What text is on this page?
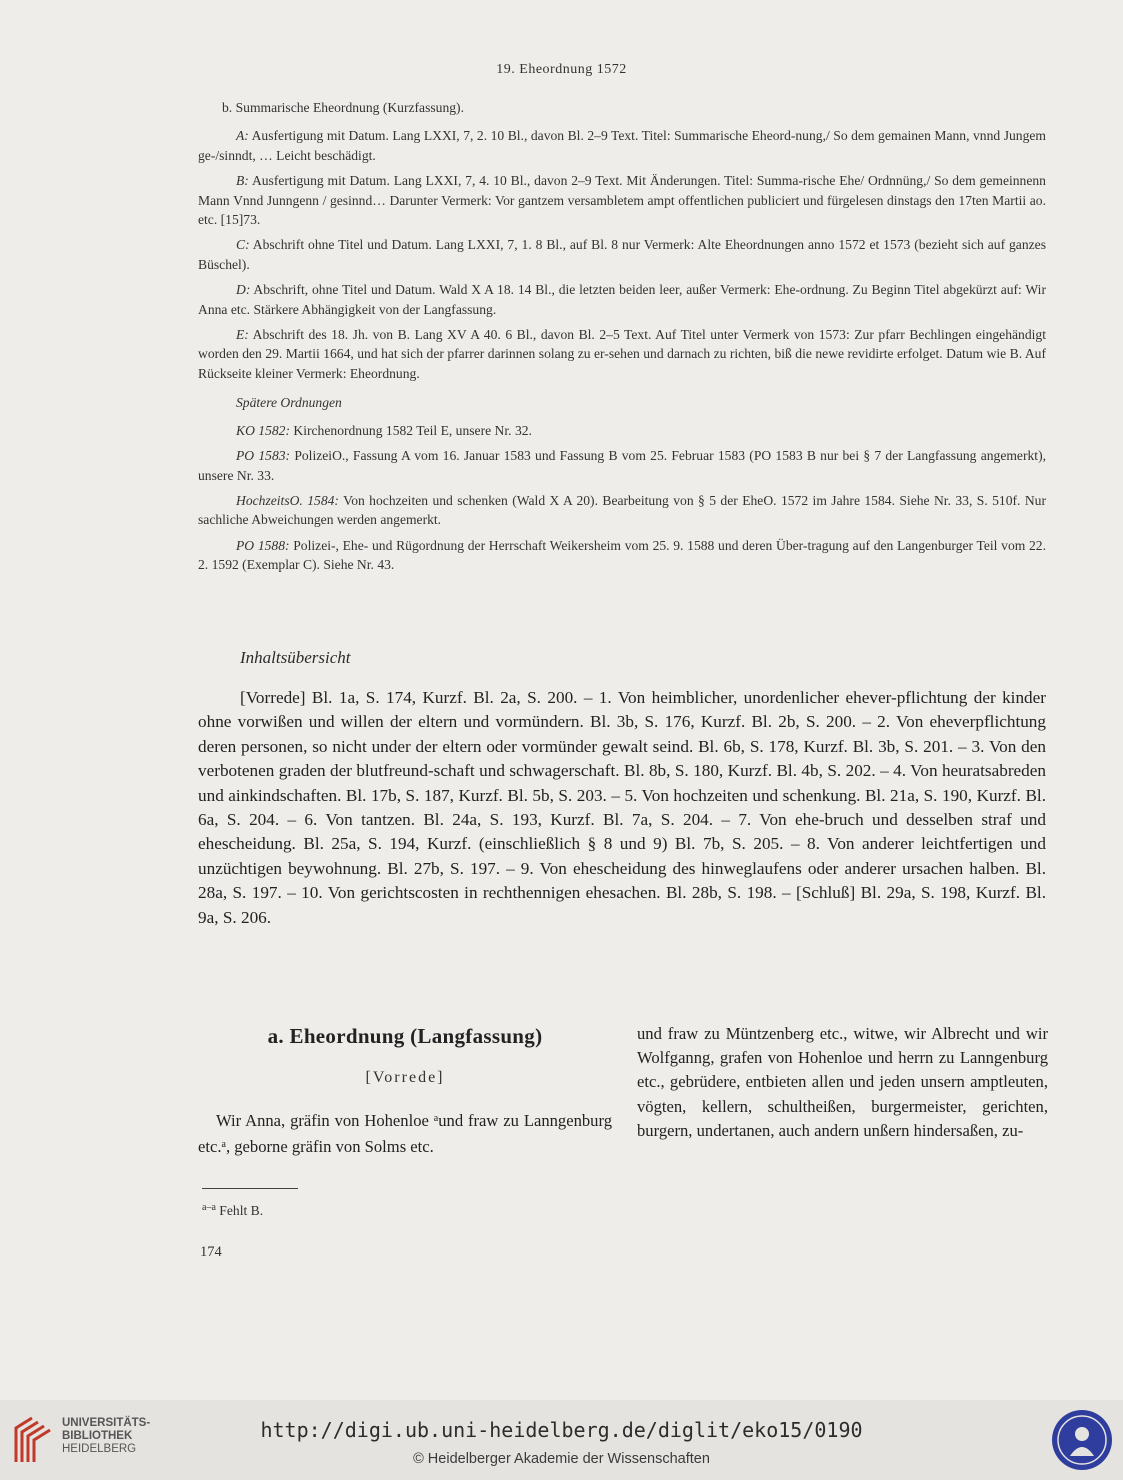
19. Eheordnung 1572

b. Summarische Eheordnung (Kurzfassung).

A: Ausfertigung mit Datum. Lang LXXI, 7, 2. 10 Bl., davon Bl. 2–9 Text. Titel: Summarische Eheord-nung,/ So dem gemainen Mann, vnnd Jungem ge-/sinndt, … Leicht beschädigt.

B: Ausfertigung mit Datum. Lang LXXI, 7, 4. 10 Bl., davon 2–9 Text. Mit Änderungen. Titel: Summa-rische Ehe/ Ordnnüng,/ So dem gemeinnenn Mann Vnnd Junngenn / gesinnd… Darunter Vermerk: Vor gantzem versambletem ampt offentlichen publiciert und fürgelesen dinstags den 17ten Martii ao. etc. [15]73.

C: Abschrift ohne Titel und Datum. Lang LXXI, 7, 1. 8 Bl., auf Bl. 8 nur Vermerk: Alte Eheordnungen anno 1572 et 1573 (bezieht sich auf ganzes Büschel).

D: Abschrift, ohne Titel und Datum. Wald X A 18. 14 Bl., die letzten beiden leer, außer Vermerk: Ehe-ordnung. Zu Beginn Titel abgekürzt auf: Wir Anna etc. Stärkere Abhängigkeit von der Langfassung.

E: Abschrift des 18. Jh. von B. Lang XV A 40. 6 Bl., davon Bl. 2–5 Text. Auf Titel unter Vermerk von 1573: Zur pfarr Bechlingen eingehändigt worden den 29. Martii 1664, und hat sich der pfarrer darinnen solang zu er-sehen und darnach zu richten, biß die newe revidirte erfolget. Datum wie B. Auf Rückseite kleiner Vermerk: Eheordnung.

Spätere Ordnungen

KO 1582: Kirchenordnung 1582 Teil E, unsere Nr. 32.

PO 1583: PolizeiO., Fassung A vom 16. Januar 1583 und Fassung B vom 25. Februar 1583 (PO 1583 B nur bei § 7 der Langfassung angemerkt), unsere Nr. 33.

HochzeitsO. 1584: Von hochzeiten und schenken (Wald X A 20). Bearbeitung von § 5 der EheO. 1572 im Jahre 1584. Siehe Nr. 33, S. 510f. Nur sachliche Abweichungen werden angemerkt.

PO 1588: Polizei-, Ehe- und Rügordnung der Herrschaft Weikersheim vom 25. 9. 1588 und deren Über-tragung auf den Langenburger Teil vom 22. 2. 1592 (Exemplar C). Siehe Nr. 43.

Inhaltsübersicht

[Vorrede] Bl. 1a, S. 174, Kurzf. Bl. 2a, S. 200. – 1. Von heimblicher, unordenlicher ehever-pflichtung der kinder ohne vorwißen und willen der eltern und vormündern. Bl. 3b, S. 176, Kurzf. Bl. 2b, S. 200. – 2. Von eheverpflichtung deren personen, so nicht under der eltern oder vormünder gewalt seind. Bl. 6b, S. 178, Kurzf. Bl. 3b, S. 201. – 3. Von den verbotenen graden der blutfreund-schaft und schwagerschaft. Bl. 8b, S. 180, Kurzf. Bl. 4b, S. 202. – 4. Von heuratsabreden und ainkindschaften. Bl. 17b, S. 187, Kurzf. Bl. 5b, S. 203. – 5. Von hochzeiten und schenkung. Bl. 21a, S. 190, Kurzf. Bl. 6a, S. 204. – 6. Von tantzen. Bl. 24a, S. 193, Kurzf. Bl. 7a, S. 204. – 7. Von ehe-bruch und desselben straf und ehescheidung. Bl. 25a, S. 194, Kurzf. (einschließlich § 8 und 9) Bl. 7b, S. 205. – 8. Von anderer leichtfertigen und unzüchtigen beywohnung. Bl. 27b, S. 197. – 9. Von ehescheidung des hinweglaufens oder anderer ursachen halben. Bl. 28a, S. 197. – 10. Von gerichtscosten in rechthennigen ehesachen. Bl. 28b, S. 198. – [Schluß] Bl. 29a, S. 198, Kurzf. Bl. 9a, S. 206.

a. Eheordnung (Langfassung)
[Vorrede]

Wir Anna, gräfin von Hohenloe $^a$und fraw zu Lanngenburg etc.$^a$, geborne gräfin von Solms etc.

und fraw zu Müntzenberg etc., witwe, wir Albrecht und wir Wolfganng, grafen von Hohenloe und herrn zu Lanngenburg etc., gebrüdere, entbieten allen und jeden unsern amptleuten, vögten, kellern, schultheißen, burgermeister, gerichten, burgern, undertanen, auch andern unßern hindersaßen, zu-

$^{a-a}$ Fehlt B.
174
UNIVERSITÄTS-
BIBLIOTHEK
HEIDELBERG
http://digi.ub.uni-heidelberg.de/diglit/eko15/0190
© Heidelberger Akademie der Wissenschaften
